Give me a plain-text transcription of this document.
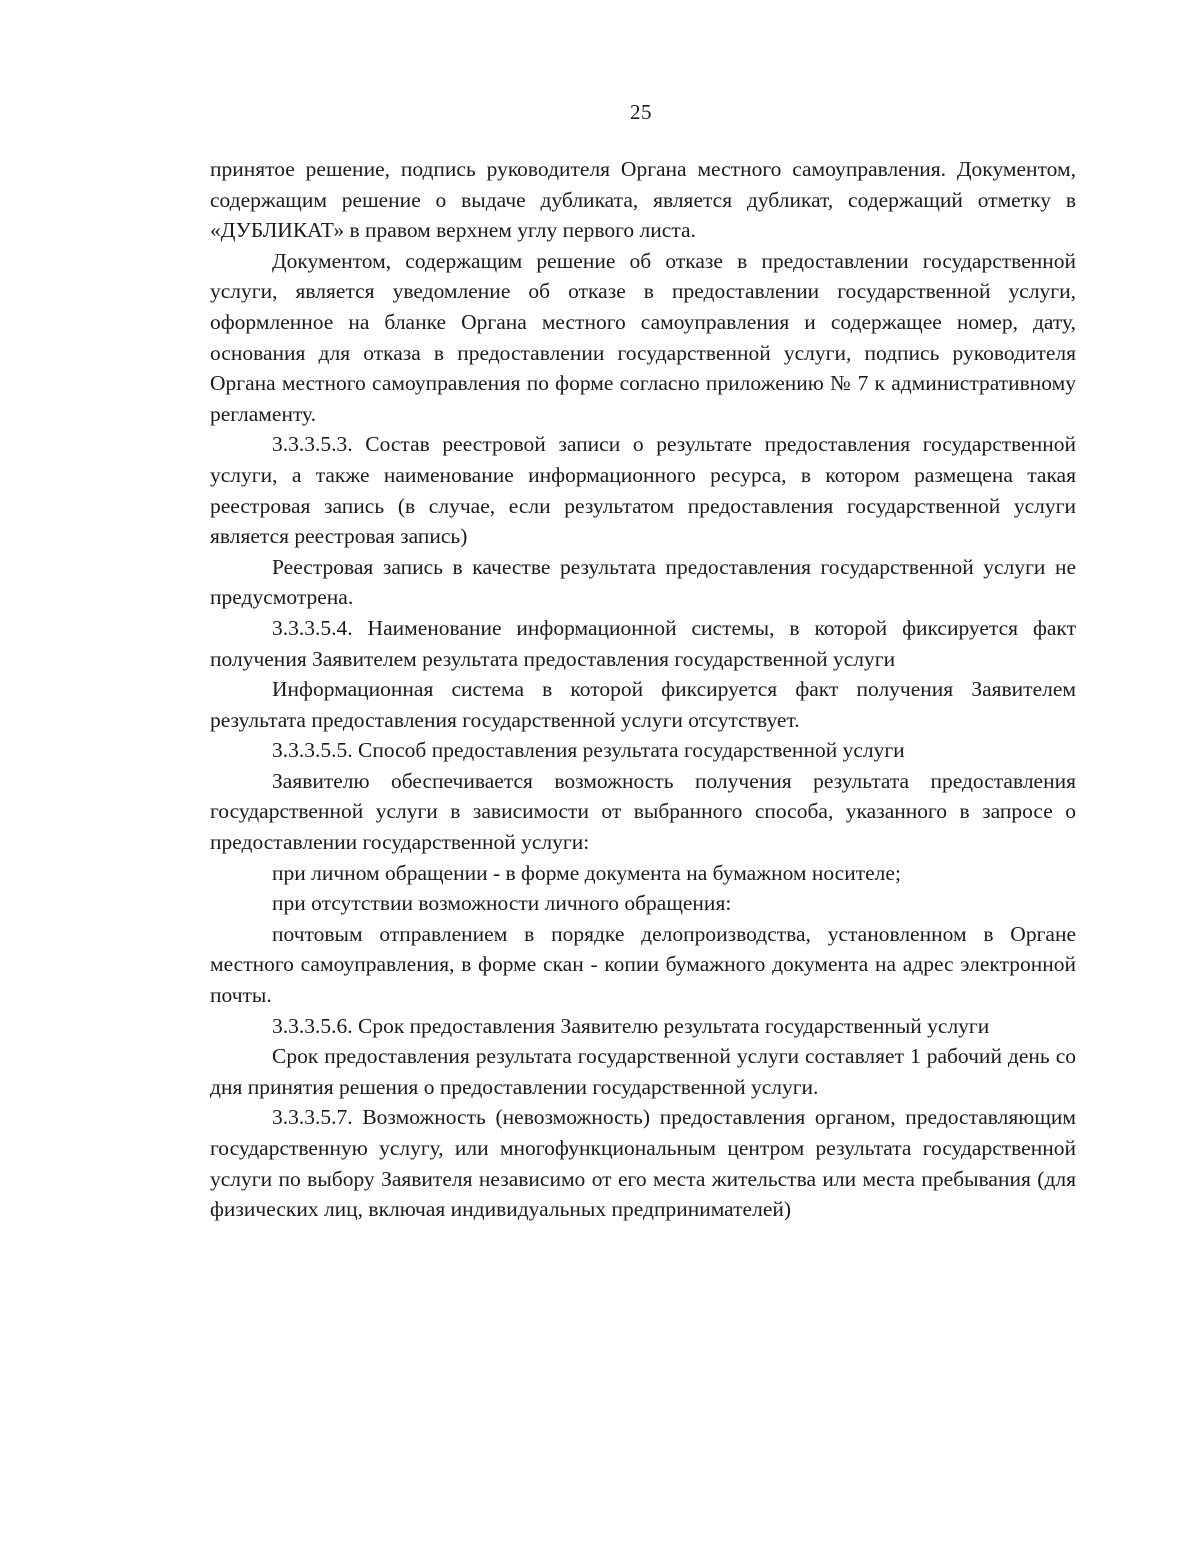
25

принятое решение, подпись руководителя Органа местного самоуправления. Документом, содержащим решение о выдаче дубликата, является дубликат, содержащий отметку в «ДУБЛИКАТ» в правом верхнем углу первого листа.

Документом, содержащим решение об отказе в предоставлении государственной услуги, является уведомление об отказе в предоставлении государственной услуги, оформленное на бланке Органа местного самоуправления и содержащее номер, дату, основания для отказа в предоставлении государственной услуги, подпись руководителя Органа местного самоуправления по форме согласно приложению № 7 к административному регламенту.

3.3.3.5.3. Состав реестровой записи о результате предоставления государственной услуги, а также наименование информационного ресурса, в котором размещена такая реестровая запись (в случае, если результатом предоставления государственной услуги является реестровая запись)

Реестровая запись в качестве результата предоставления государственной услуги не предусмотрена.

3.3.3.5.4. Наименование информационной системы, в которой фиксируется факт получения Заявителем результата предоставления государственной услуги

Информационная система в которой фиксируется факт получения Заявителем результата предоставления государственной услуги отсутствует.

3.3.3.5.5. Способ предоставления результата государственной услуги

Заявителю обеспечивается возможность получения результата предоставления государственной услуги в зависимости от выбранного способа, указанного в запросе о предоставлении государственной услуги:

при личном обращении - в форме документа на бумажном носителе;

при отсутствии возможности личного обращения:

почтовым отправлением в порядке делопроизводства, установленном в Органе местного самоуправления, в форме скан - копии бумажного документа на адрес электронной почты.

3.3.3.5.6. Срок предоставления Заявителю результата государственный услуги

Срок предоставления результата государственной услуги составляет 1 рабочий день со дня принятия решения о предоставлении государственной услуги.

3.3.3.5.7. Возможность (невозможность) предоставления органом, предоставляющим государственную услугу, или многофункциональным центром результата государственной услуги по выбору Заявителя независимо от его места жительства или места пребывания (для физических лиц, включая индивидуальных предпринимателей)
